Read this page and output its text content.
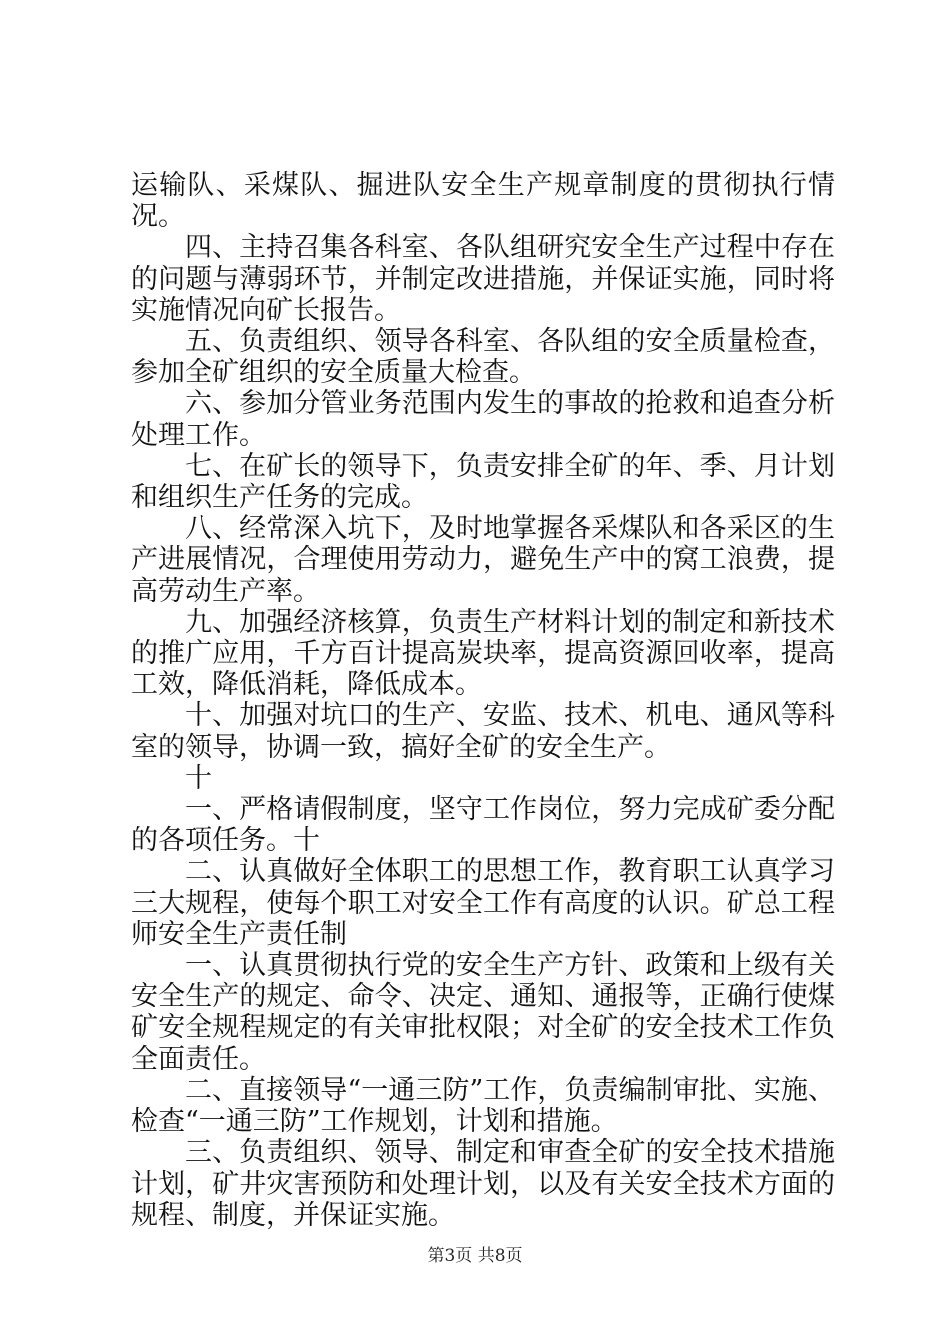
运输队、采煤队、掘进队安全生产规章制度的贯彻执行情况。

四、主持召集各科室、各队组研究安全生产过程中存在的问题与薄弱环节，并制定改进措施，并保证实施，同时将实施情况向矿长报告。

五、负责组织、领导各科室、各队组的安全质量检查，参加全矿组织的安全质量大检查。

六、参加分管业务范围内发生的事故的抢救和追查分析处理工作。

七、在矿长的领导下，负责安排全矿的年、季、月计划和组织生产任务的完成。

八、经常深入坑下，及时地掌握各采煤队和各采区的生产进展情况，合理使用劳动力，避免生产中的窝工浪费，提高劳动生产率。

九、加强经济核算，负责生产材料计划的制定和新技术的推广应用，千方百计提高炭块率，提高资源回收率，提高工效，降低消耗，降低成本。

十、加强对坑口的生产、安监、技术、机电、通风等科室的领导，协调一致，搞好全矿的安全生产。

十

一、严格请假制度，坚守工作岗位，努力完成矿委分配的各项任务。十

二、认真做好全体职工的思想工作，教育职工认真学习三大规程，使每个职工对安全工作有高度的认识。矿总工程师安全生产责任制

一、认真贯彻执行党的安全生产方针、政策和上级有关安全生产的规定、命令、决定、通知、通报等，正确行使煤矿安全规程规定的有关审批权限；对全矿的安全技术工作负全面责任。

二、直接领导“一通三防”工作，负责编制审批、实施、检查“一通三防”工作规划，计划和措施。

三、负责组织、领导、制定和审查全矿的安全技术措施计划，矿井灾害预防和处理计划，以及有关安全技术方面的规程、制度，并保证实施。

第3页 共8页
